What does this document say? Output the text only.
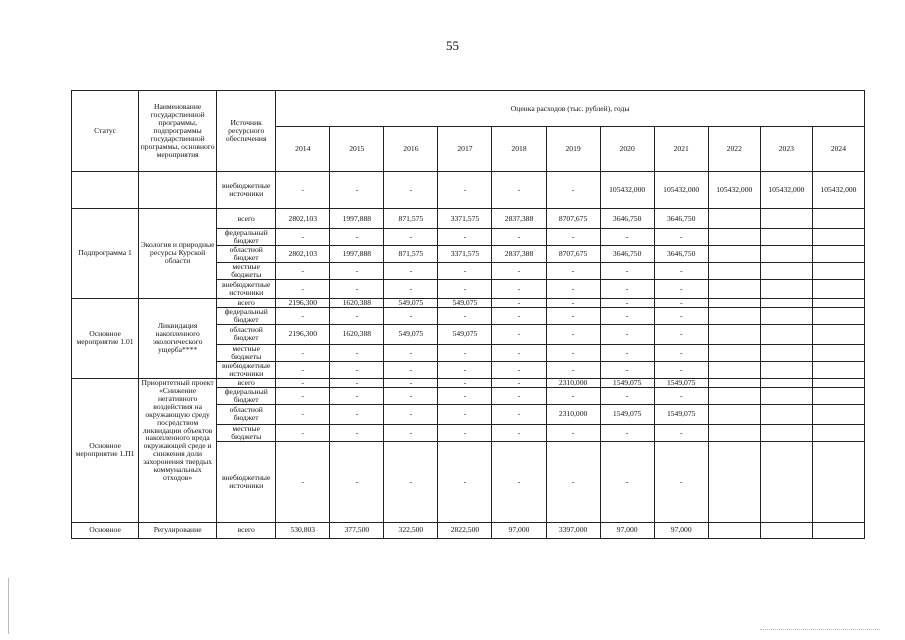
55
Статус	Наименование государственной программы, подпрограммы государственной программы, основного мероприятия	Источник ресурсного обеспечения	Оценка расходов (тыс. рублей), годы										
			2014	2015	2016	2017	2018	2019	2020	2021	2022	2023	2024
		внебюджетные источники	-	-	-	-	-	-	105432,000	105432,000	105432,000	105432,000	105432,000
Подпрограмма 1	Экология и природные ресурсы Курской области	всего	2802,103	1997,888	871,575	3371,575	2837,388	8707,675	3646,750	3646,750			
		федеральный бюджет	-	-	-	-	-	-	-	-			
		областной бюджет	2802,103	1997,888	871,575	3371,575	2837,388	8707,675	3646,750	3646,750			
		местные бюджеты	-	-	-	-	-	-	-	-			
		внебюджетные источники	-	-	-	-	-	-	-	-			
Основное мероприятие 1.01	Ликвидация накопленного экологического ущерба****	всего	2196,300	1620,388	549,075	549,075	-	-	-	-			
		федеральный бюджет	-	-	-	-	-	-	-	-			
		областной бюджет	2196,300	1620,388	549,075	549,075	-	-	-	-			
		местные бюджеты	-	-	-	-	-	-	-	-			
		внебюджетные источники	-	-	-	-	-	-	-	-			
Основное мероприятие 1.П1	Приоритетный проект «Снижение негативного воздействия на окружающую среду посредством ликвидации объектов накопленного вреда окружающей среде и снижения доли захоронения твердых коммунальных отходов»	всего	-	-	-	-	-	2310,000	1549,075	1549,075			
		федеральный бюджет	-	-	-	-	-	-	-	-			
		областной бюджет	-	-	-	-	-	2310,000	1549,075	1549,075			
		местные бюджеты	-	-	-	-	-	-	-	-			
		внебюджетные источники	-	-	-	-	-	-	-	-			
Основное	Регулирование	всего	530,803	377,500	322,500	2822,500	97,000	3397,000	97,000	97,000			
